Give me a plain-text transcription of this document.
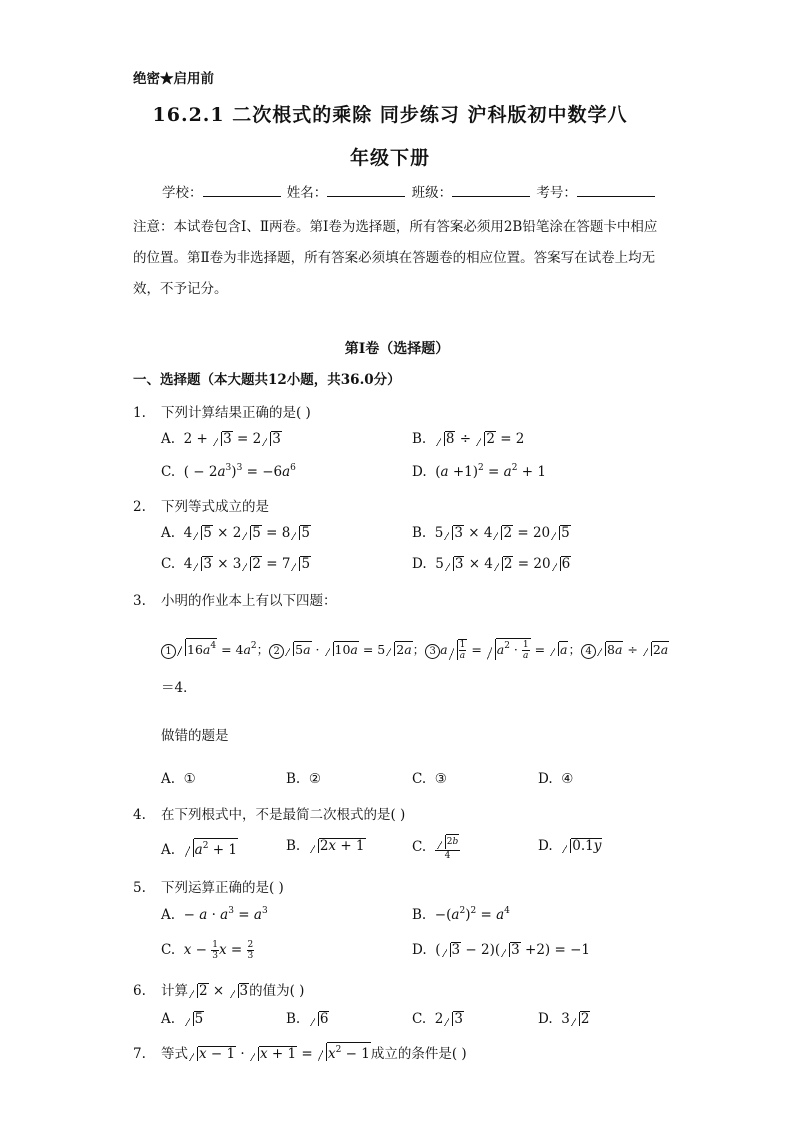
绝密★启用前
16.2.1 二次根式的乘除 同步练习 沪科版初中数学八
年级下册
学校：	姓名：	班级：	考号：
注意：本试卷包含Ⅰ、Ⅱ两卷。第Ⅰ卷为选择题，所有答案必须用2B铅笔涂在答题卡中相应的位置。第Ⅱ卷为非选择题，所有答案必须填在答题卷的相应位置。答案写在试卷上均无效，不予记分。
第Ⅰ卷（选择题）
一、选择题（本大题共12小题，共36.0分）
1. 下列计算结果正确的是( )
A.  2 + 3 = 2 3	B. 8 ÷ 2 = 2
C.  ( − $2a^3)^3 = -6a^6$	D.  $(a +1)^2 = a^2 + 1$
2. 下列等式成立的是
A.  4 5 × 2 5 = 8 5	B.  5 3 × 4 2 = 20 5
C.  4 3 × 3 2 = 7 5	D.  5 3 × 4 2 = 20 6
3. 小明的作业本上有以下四题：
1 $16a^4 = 4a^2$； 2 5a · 10a = 5 2a； 3 a $\frac{1}{a} = a^2 \cdot \frac{1}{a} = a$； 4 8a ÷ 2a
＝4．
做错的题是
A. ①	B. ②	C. ③	D. ④
4. 在下列根式中，不是最简二次根式的是( )
A. $a^2 + 1$	B. 2x + 1	C. $\frac{2b}{4}$	D. 0.1y
5. 下列运算正确的是( )
A.  − $a \cdot a^3 = a^3$	B.  $-(a^2)^2 = a^4$
C. $x - \frac{1}{3}$ $x = \frac{2}{3}$	D.  ( 3 − 2)( 3 +2) = −1
6. 计算 2 × 3的值为( )
A. 5	B. 6	C.  2 3	D.  3 2
7. 等式 $x - 1 \cdot x + 1 = x^2 - 1$成立的条件是( )
